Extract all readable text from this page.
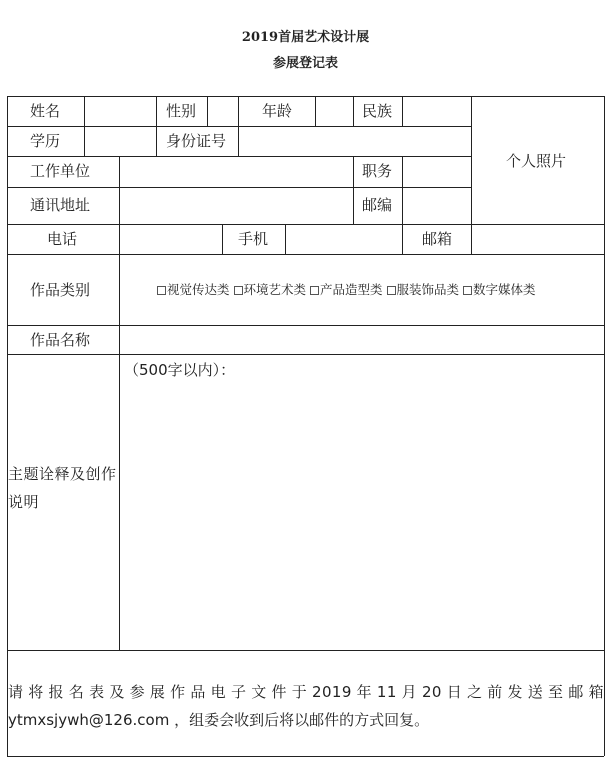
2019首届艺术设计展
参展登记表
姓名	性别	年龄	民族
个人照片
学历	身份证号
工作单位	职务
通讯地址	邮编
电话	手机	邮箱
作品类别	视觉传达类 环境艺术类 产品造型类 服装饰品类 数字媒体类
作品名称
（500字以内）：
主题诠释及创作说明
请将报名表及参展作品电子文件于2019年11月20日之前发送至邮箱
ytmxsjywh@126.com ，组委会收到后将以邮件的方式回复。
